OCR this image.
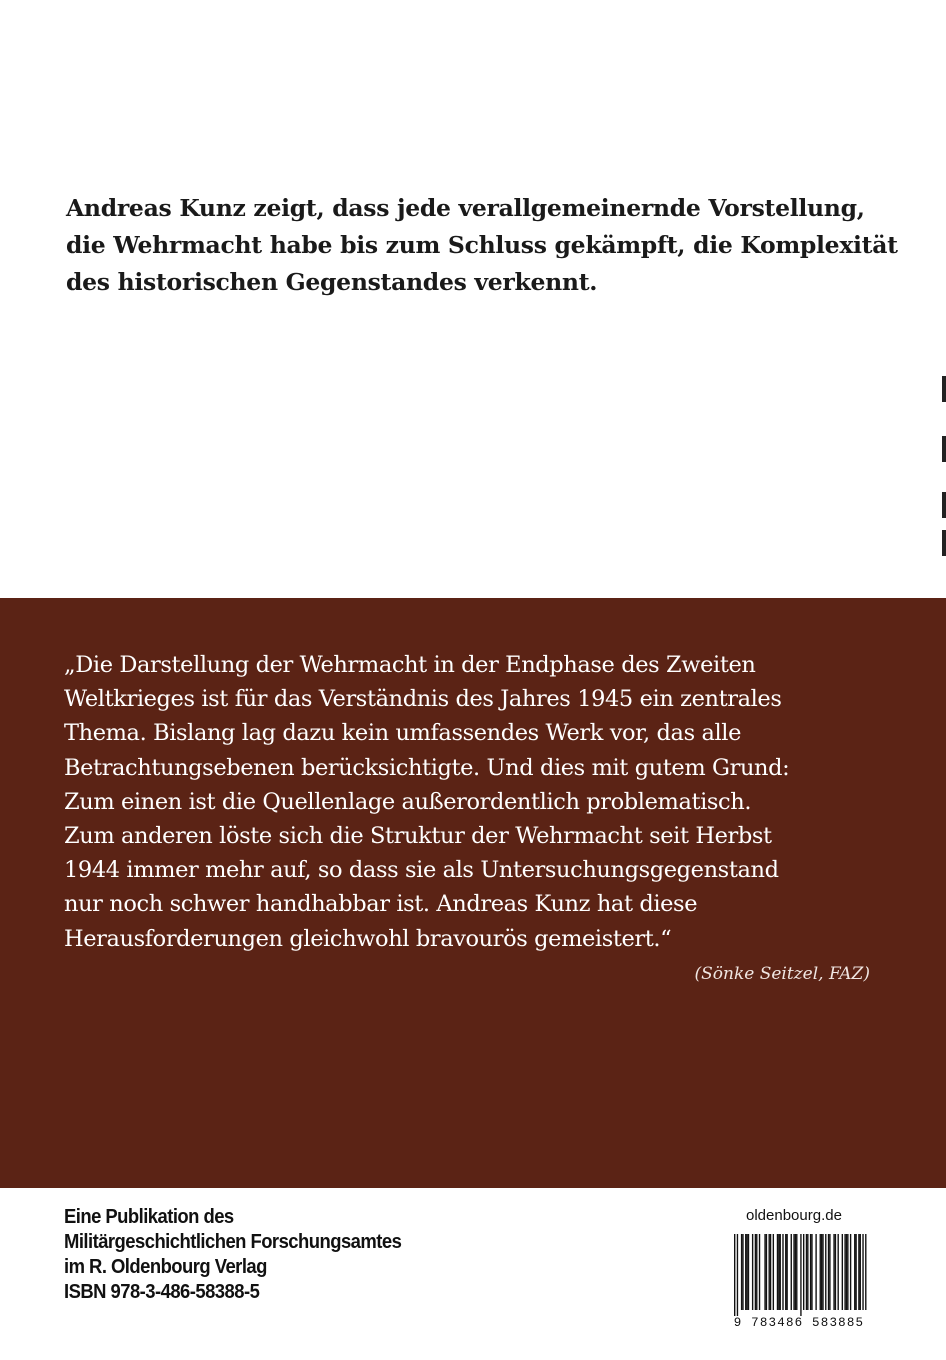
Andreas Kunz zeigt, dass jede verallgemeinernde Vorstellung,
die Wehrmacht habe bis zum Schluss gekämpft, die Komplexität
des historischen Gegenstandes verkennt.
„Die Darstellung der Wehrmacht in der Endphase des Zweiten
Weltkrieges ist für das Verständnis des Jahres 1945 ein zentrales
Thema. Bislang lag dazu kein umfassendes Werk vor, das alle
Betrachtungsebenen berücksichtigte. Und dies mit gutem Grund:
Zum einen ist die Quellenlage außerordentlich problematisch.
Zum anderen löste sich die Struktur der Wehrmacht seit Herbst
1944 immer mehr auf, so dass sie als Untersuchungsgegenstand
nur noch schwer handhabbar ist. Andreas Kunz hat diese
Herausforderungen gleichwohl bravourös gemeistert.“
(Sönke Seitzel, FAZ)
Eine Publikation des
Militärgeschichtlichen Forschungsamtes
im R. Oldenbourg Verlag
ISBN 978-3-486-58388-5
oldenbourg.de
9 783486 583885
